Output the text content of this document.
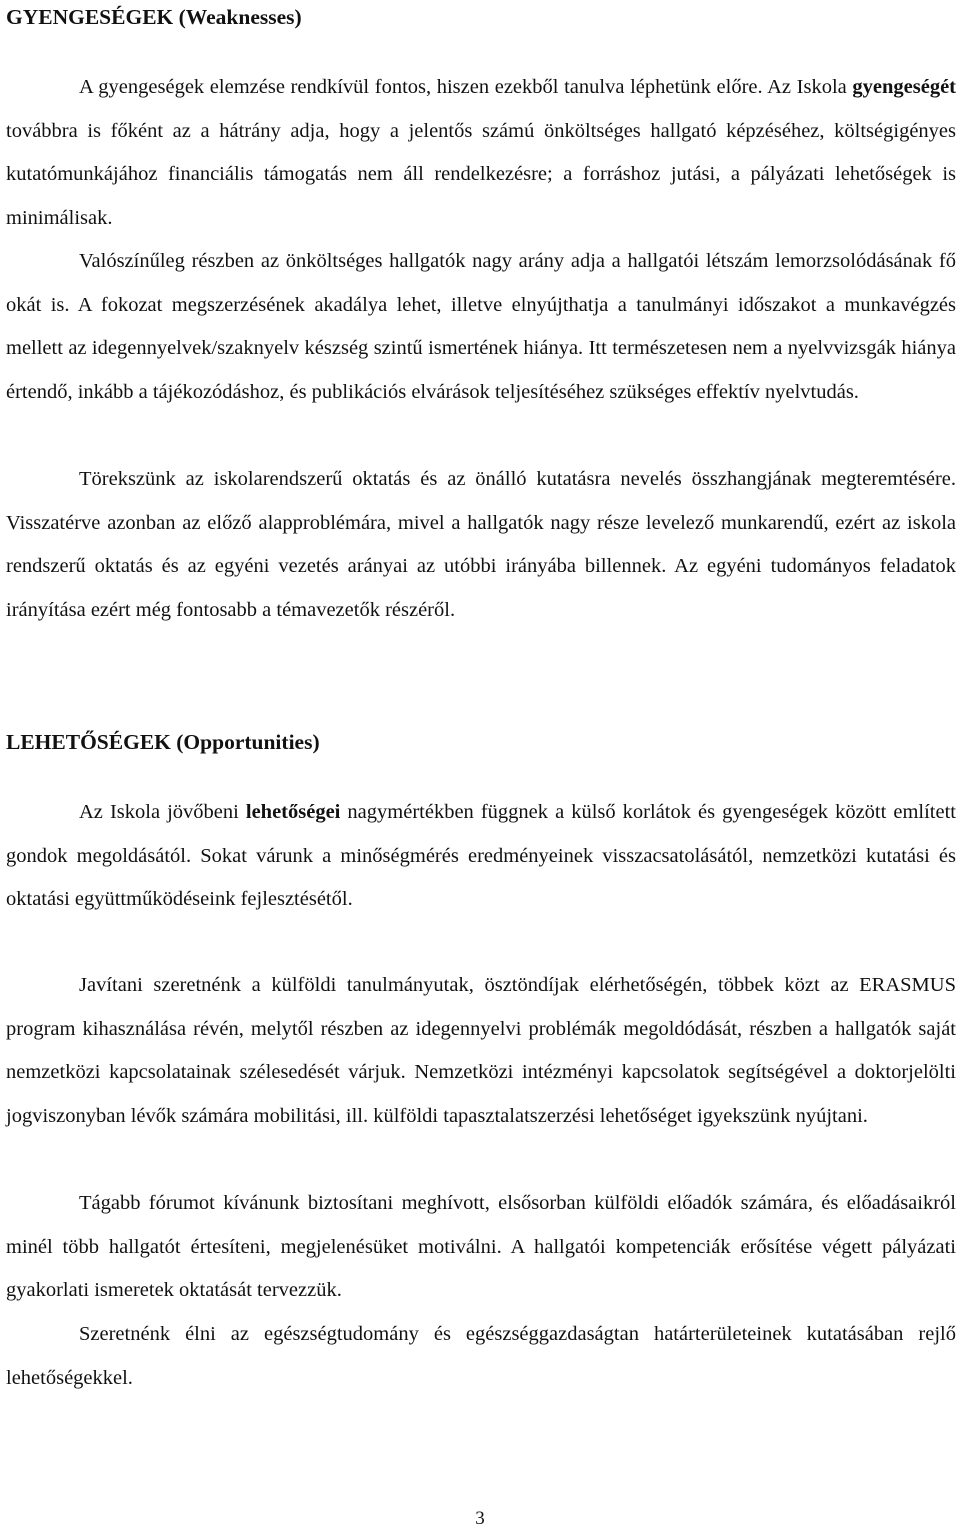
GYENGESÉGEK (Weaknesses)

A gyengeségek elemzése rendkívül fontos, hiszen ezekből tanulva léphetünk előre. Az Iskola gyengeségét továbbra is főként az a hátrány adja, hogy a jelentős számú önköltséges hallgató képzéséhez, költségigényes kutatómunkájához financiális támogatás nem áll rendelkezésre; a forráshoz jutási, a pályázati lehetőségek is minimálisak.

Valószínűleg részben az önköltséges hallgatók nagy arány adja a hallgatói létszám lemorzsolódásának fő okát is. A fokozat megszerzésének akadálya lehet, illetve elnyújthatja a tanulmányi időszakot a munkavégzés mellett az idegennyelvek/szaknyelv készség szintű ismertének hiánya. Itt természetesen nem a nyelvvizsgák hiánya értendő, inkább a tájékozódáshoz, és publikációs elvárások teljesítéséhez szükséges effektív nyelvtudás.

Törekszünk az iskolarendszerű oktatás és az önálló kutatásra nevelés összhangjának megteremtésére. Visszatérve azonban az előző alapproblémára, mivel a hallgatók nagy része levelező munkarendű, ezért az iskola rendszerű oktatás és az egyéni vezetés arányai az utóbbi irányába billennek. Az egyéni tudományos feladatok irányítása ezért még fontosabb a témavezetők részéről.

LEHETŐSÉGEK (Opportunities)

Az Iskola jövőbeni lehetőségei nagymértékben függnek a külső korlátok és gyengeségek között említett gondok megoldásától. Sokat várunk a minőségmérés eredményeinek visszacsatolásától, nemzetközi kutatási és oktatási együttműködéseink fejlesztésétől.

Javítani szeretnénk a külföldi tanulmányutak, ösztöndíjak elérhetőségén, többek közt az ERASMUS program kihasználása révén, melytől részben az idegennyelvi problémák megoldódását, részben a hallgatók saját nemzetközi kapcsolatainak szélesedését várjuk. Nemzetközi intézményi kapcsolatok segítségével a doktorjelölti jogviszonyban lévők számára mobilitási, ill. külföldi tapasztalatszerzési lehetőséget igyekszünk nyújtani.

Tágabb fórumot kívánunk biztosítani meghívott, elsősorban külföldi előadók számára, és előadásaikról minél több hallgatót értesíteni, megjelenésüket motiválni. A hallgatói kompetenciák erősítése végett pályázati gyakorlati ismeretek oktatását tervezzük.

Szeretnénk élni az egészségtudomány és egészséggazdaságtan határterületeinek kutatásában rejlő lehetőségekkel.

3
